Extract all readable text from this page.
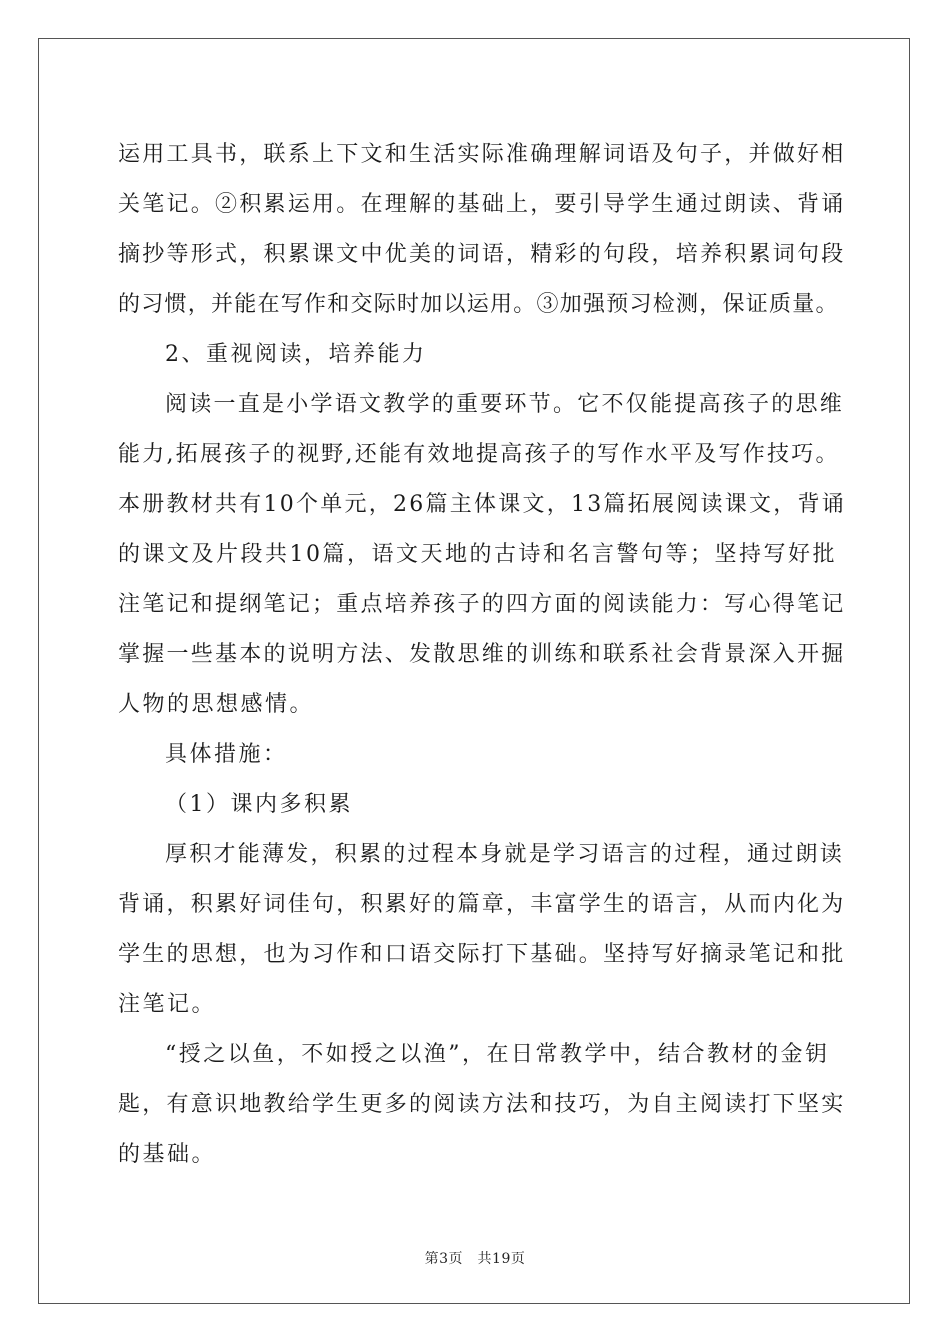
运用工具书，联系上下文和生活实际准确理解词语及句子，并做好相
关笔记。②积累运用。在理解的基础上，要引导学生通过朗读、背诵
摘抄等形式，积累课文中优美的词语，精彩的句段，培养积累词句段
的习惯，并能在写作和交际时加以运用。③加强预习检测，保证质量。
2、重视阅读，培养能力
阅读一直是小学语文教学的重要环节。它不仅能提高孩子的思维
能力,拓展孩子的视野,还能有效地提高孩子的写作水平及写作技巧。
本册教材共有10个单元，26篇主体课文，13篇拓展阅读课文，背诵
的课文及片段共10篇，语文天地的古诗和名言警句等；坚持写好批
注笔记和提纲笔记；重点培养孩子的四方面的阅读能力：写心得笔记
掌握一些基本的说明方法、发散思维的训练和联系社会背景深入开掘
人物的思想感情。
具体措施：
（1）课内多积累
厚积才能薄发，积累的过程本身就是学习语言的过程，通过朗读
背诵，积累好词佳句，积累好的篇章，丰富学生的语言，从而内化为
学生的思想，也为习作和口语交际打下基础。坚持写好摘录笔记和批
注笔记。
“授之以鱼，不如授之以渔”，在日常教学中，结合教材的金钥
匙，有意识地教给学生更多的阅读方法和技巧，为自主阅读打下坚实
的基础。
第3页　共19页
